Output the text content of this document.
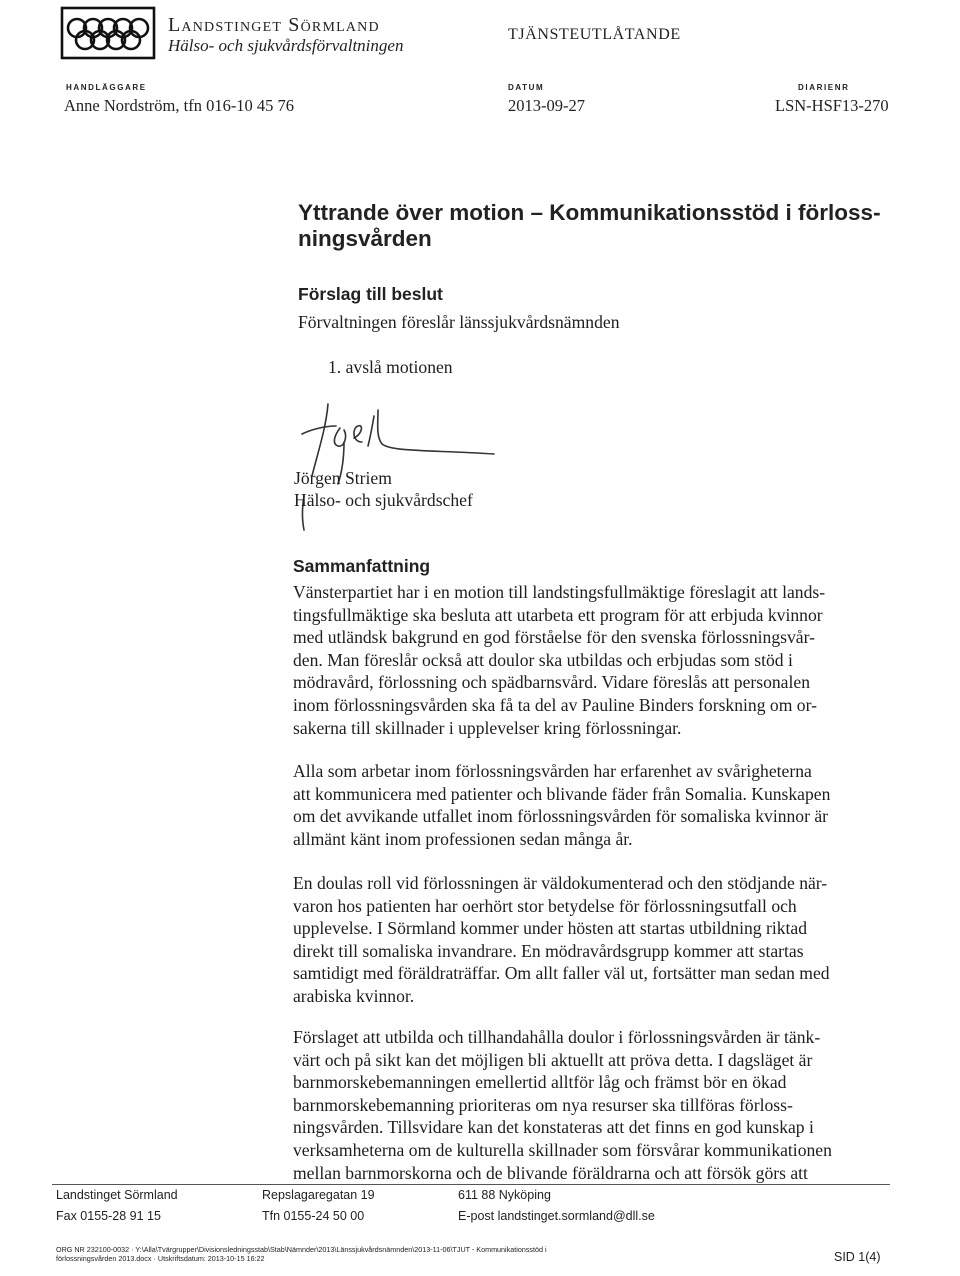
Landstinget Sörmland
Hälso- och sjukvårdsförvaltningen
TJÄNSTEUTLÅTANDE
HANDLÄGGARE
Anne Nordström, tfn 016-10 45 76
DATUM
2013-09-27
DIARIENR
LSN-HSF13-270
Yttrande över motion – Kommunikationsstöd i förloss-
ningsvården
Förslag till beslut
Förvaltningen föreslår länssjukvårdsnämnden
1. avslå motionen
Jörgen Striem
Hälso- och sjukvårdschef
Sammanfattning
Vänsterpartiet har i en motion till landstingsfullmäktige föreslagit att lands-
tingsfullmäktige ska besluta att utarbeta ett program för att erbjuda kvinnor
med utländsk bakgrund en god förståelse för den svenska förlossningsvår-
den. Man föreslår också att doulor ska utbildas och erbjudas som stöd i
mödravård, förlossning och spädbarnsvård. Vidare föreslås att personalen
inom förlossningsvården ska få ta del av Pauline Binders forskning om or-
sakerna till skillnader i upplevelser kring förlossningar.
Alla som arbetar inom förlossningsvården har erfarenhet av svårigheterna
att kommunicera med patienter och blivande fäder från Somalia. Kunskapen
om det avvikande utfallet inom förlossningsvården för somaliska kvinnor är
allmänt känt inom professionen sedan många år.
En doulas roll vid förlossningen är väldokumenterad och den stödjande när-
varon hos patienten har oerhört stor betydelse för förlossningsutfall och
upplevelse. I Sörmland kommer under hösten att startas utbildning riktad
direkt till somaliska invandrare. En mödravårdsgrupp kommer att startas
samtidigt med föräldraträffar. Om allt faller väl ut, fortsätter man sedan med
arabiska kvinnor.
Förslaget att utbilda och tillhandahålla doulor i förlossningsvården är tänk-
värt och på sikt kan det möjligen bli aktuellt att pröva detta. I dagsläget är
barnmorskebemanningen emellertid alltför låg och främst bör en ökad
barnmorskebemanning prioriteras om nya resurser ska tillföras förloss-
ningsvården. Tillsvidare kan det konstateras att det finns en god kunskap i
verksamheterna om de kulturella skillnader som försvårar kommunikationen
mellan barnmorskorna och de blivande föräldrarna och att försök görs att
Landstinget Sörmland
Fax 0155-28 91 15
Repslagaregatan 19
Tfn 0155-24 50 00
611 88 Nyköping
E-post landstinget.sormland@dll.se
ORG NR 232100-0032 · Y:\Alla\Tvärgrupper\Divisionsledningsstab\Stab\Nämnder\2013\Länssjukvårdsnämnden\2013-11-06\TJUT - Kommunikationsstöd i
förlossningsvården 2013.docx · Utskriftsdatum: 2013-10-15 16:22	SID 1(4)
